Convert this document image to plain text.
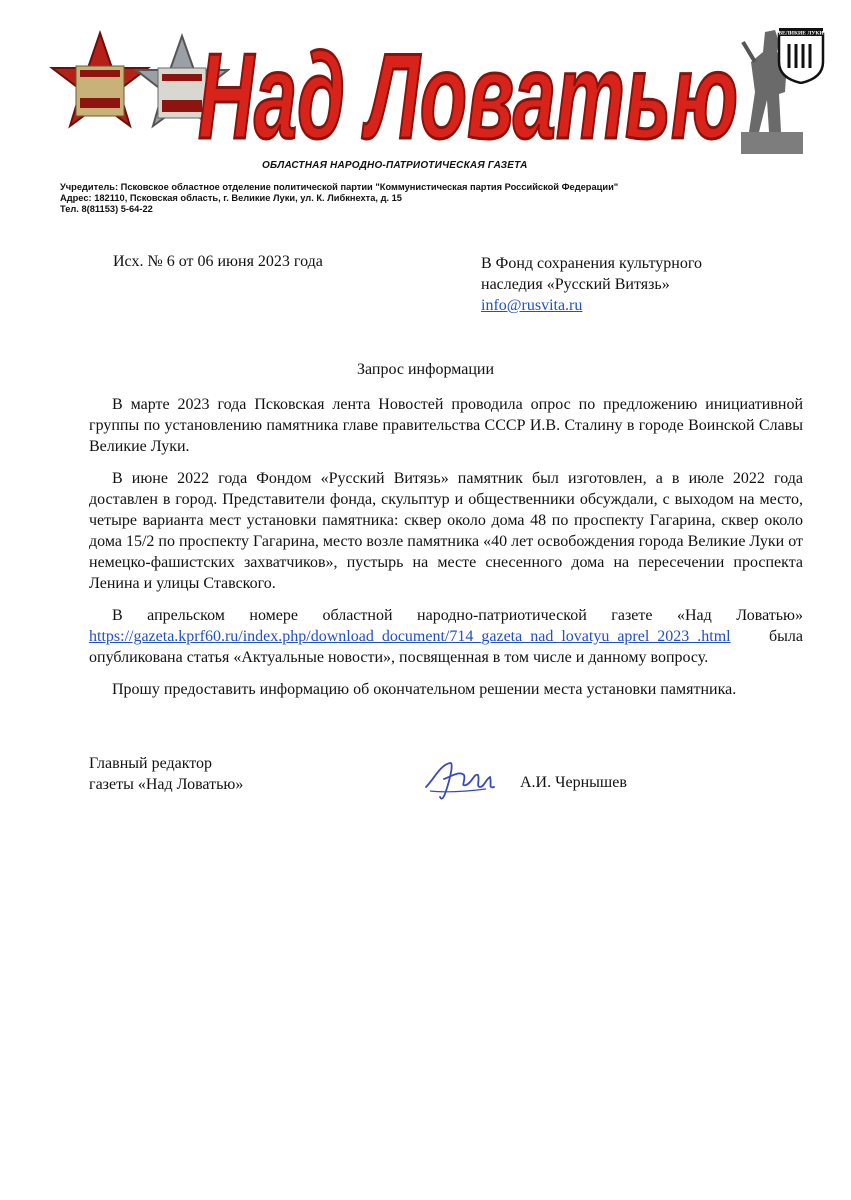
Над Ловатью	ВЕЛИКИЕ ЛУКИ
ОБЛАСТНАЯ НАРОДНО-ПАТРИОТИЧЕСКАЯ ГАЗЕТА
Учредитель: Псковское областное отделение политической партии "Коммунистическая партия Российской Федерации"
Адрес: 182110, Псковская область, г. Великие Луки, ул. К. Либкнехта, д. 15
Тел. 8(81153) 5-64-22
Исх. № 6 от 06 июня 2023 года	В Фонд сохранения культурного
наследия «Русский Витязь»
info@rusvita.ru
Запрос информации

В марте 2023 года Псковская лента Новостей проводила опрос по предложению инициативной группы по установлению памятника главе правительства СССР И.В. Сталину в городе Воинской Славы Великие Луки.

В июне 2022 года Фондом «Русский Витязь» памятник был изготовлен, а в июле 2022 года доставлен в город. Представители фонда, скульптур и общественники обсуждали, с выходом на место, четыре варианта мест установки памятника: сквер около дома 48 по проспекту Гагарина, сквер около дома 15/2 по проспекту Гагарина, место возле памятника «40 лет освобождения города Великие Луки от немецко-фашистских захватчиков», пустырь на месте снесенного дома на пересечении проспекта Ленина и улицы Ставского.

В апрельском номере областной народно-патриотической газете «Над Ловатью» https://gazeta.kprf60.ru/index.php/download_document/714_gazeta_nad_lovatyu_aprel_2023_.html была опубликована статья «Актуальные новости», посвященная в том числе и данному вопросу.

Прошу предоставить информацию об окончательном решении места установки памятника.

Главный редактор
газеты «Над Ловатью»	А.И. Чернышев
